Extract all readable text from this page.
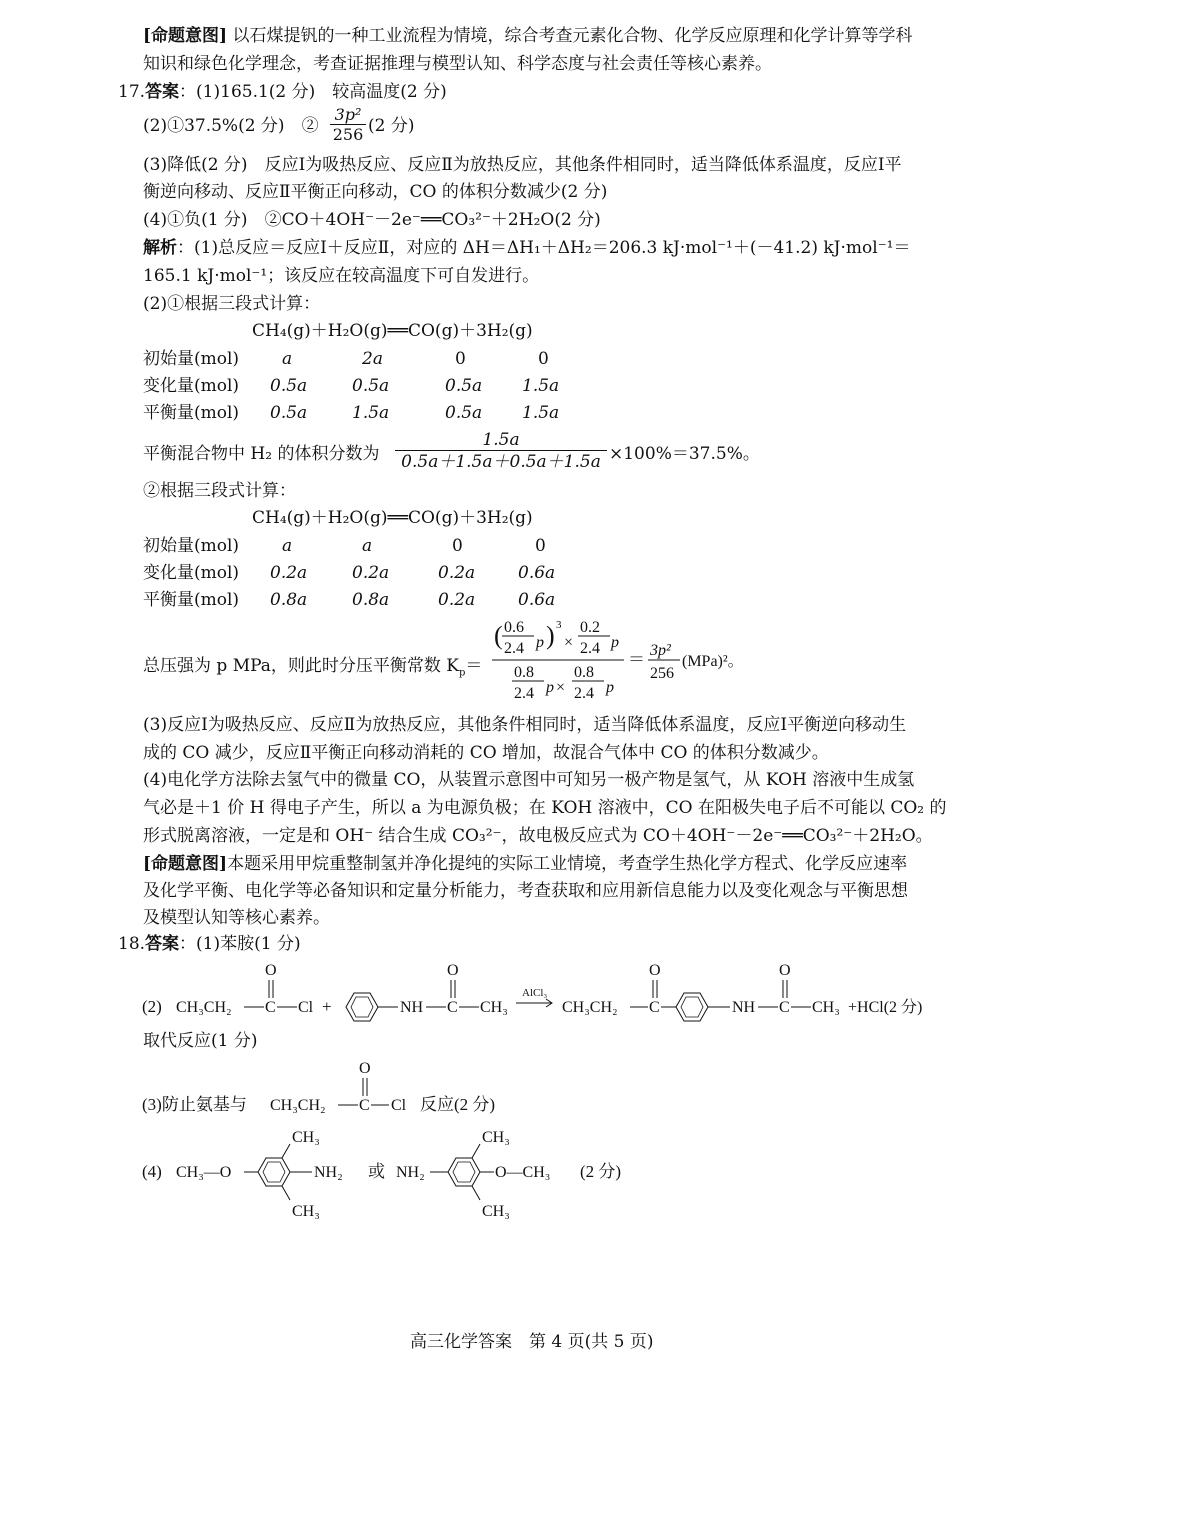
[命题意图] 以石煤提钒的一种工业流程为情境，综合考查元素化合物、化学反应原理和化学计算等学科
知识和绿色化学理念，考查证据推理与模型认知、科学态度与社会责任等核心素养。
17.答案：(1)165.1(2 分)　较高温度(2 分)
(2)①37.5%(2 分)　②
3p²
256 (2 分)
(3)降低(2 分)　反应Ⅰ为吸热反应、反应Ⅱ为放热反应，其他条件相同时，适当降低体系温度，反应Ⅰ平
衡逆向移动、反应Ⅱ平衡正向移动，CO 的体积分数减少(2 分)
(4)①负(1 分)　②CO＋4OH⁻－2e⁻══CO₃²⁻＋2H₂O(2 分)
解析：(1)总反应＝反应Ⅰ＋反应Ⅱ，对应的 ΔH＝ΔH₁＋ΔH₂＝206.3 kJ·mol⁻¹＋(－41.2) kJ·mol⁻¹＝
165.1 kJ·mol⁻¹；该反应在较高温度下可自发进行。
(2)①根据三段式计算：
CH₄(g)＋H₂O(g)══CO(g)＋3H₂(g)
初始量(mol)	a	2a	0	0
变化量(mol) 0.5a	0.5a	0.5a 1.5a
平衡量(mol) 0.5a	1.5a	0.5a 1.5a
平衡混合物中 H₂ 的体积分数为
1.5a
0.5a＋1.5a＋0.5a＋1.5a ×100%＝37.5%。
②根据三段式计算：
CH₄(g)＋H₂O(g)══CO(g)＋3H₂(g)
初始量(mol)	a	a	0	0
变化量(mol) 0.2a	0.2a	0.2a	0.6a
平衡量(mol) 0.8a	0.8a	0.2a	0.6a
总压强为 p MPa，则此时分压平衡常数 $K_p=$
( 0.6
2.4 p ) 3
×
0.2
2.4 p
0.8
2.4 p ×
0.8
2.4 p
＝ 3p²
256
(MPa)²。
(3)反应Ⅰ为吸热反应、反应Ⅱ为放热反应，其他条件相同时，适当降低体系温度，反应Ⅰ平衡逆向移动生
成的 CO 减少，反应Ⅱ平衡正向移动消耗的 CO 增加，故混合气体中 CO 的体积分数减少。
(4)电化学方法除去氢气中的微量 CO，从装置示意图中可知另一极产物是氢气，从 KOH 溶液中生成氢
气必是＋1 价 H 得电子产生，所以 a 为电源负极；在 KOH 溶液中，CO 在阳极失电子后不可能以 CO₂ 的
形式脱离溶液，一定是和 OH⁻ 结合生成 CO₃²⁻，故电极反应式为 CO＋4OH⁻－2e⁻══CO₃²⁻＋2H₂O。
[命题意图]本题采用甲烷重整制氢并净化提纯的实际工业情境，考查学生热化学方程式、化学反应速率
及化学平衡、电化学等必备知识和定量分析能力，考查获取和应用新信息能力以及变化观念与平衡思想
及模型认知等核心素养。
18.答案：(1)苯胺(1 分)
(2) CH₃CH₂ C
O
Cl +	NH C
O
CH₃
AlCl₃
CH₃CH₂ C
O
NH C
O
CH₃ +HCl(2 分)
取代反应(1 分)
(3)防止氨基与 CH₃CH₂ C
O
Cl 反应(2 分)
(4) CH₃—O
CH₃
CH₃
NH₂ 或 NH₂
CH₃
CH₃
O—CH₃ (2 分)
高三化学答案　第 4 页(共 5 页)
